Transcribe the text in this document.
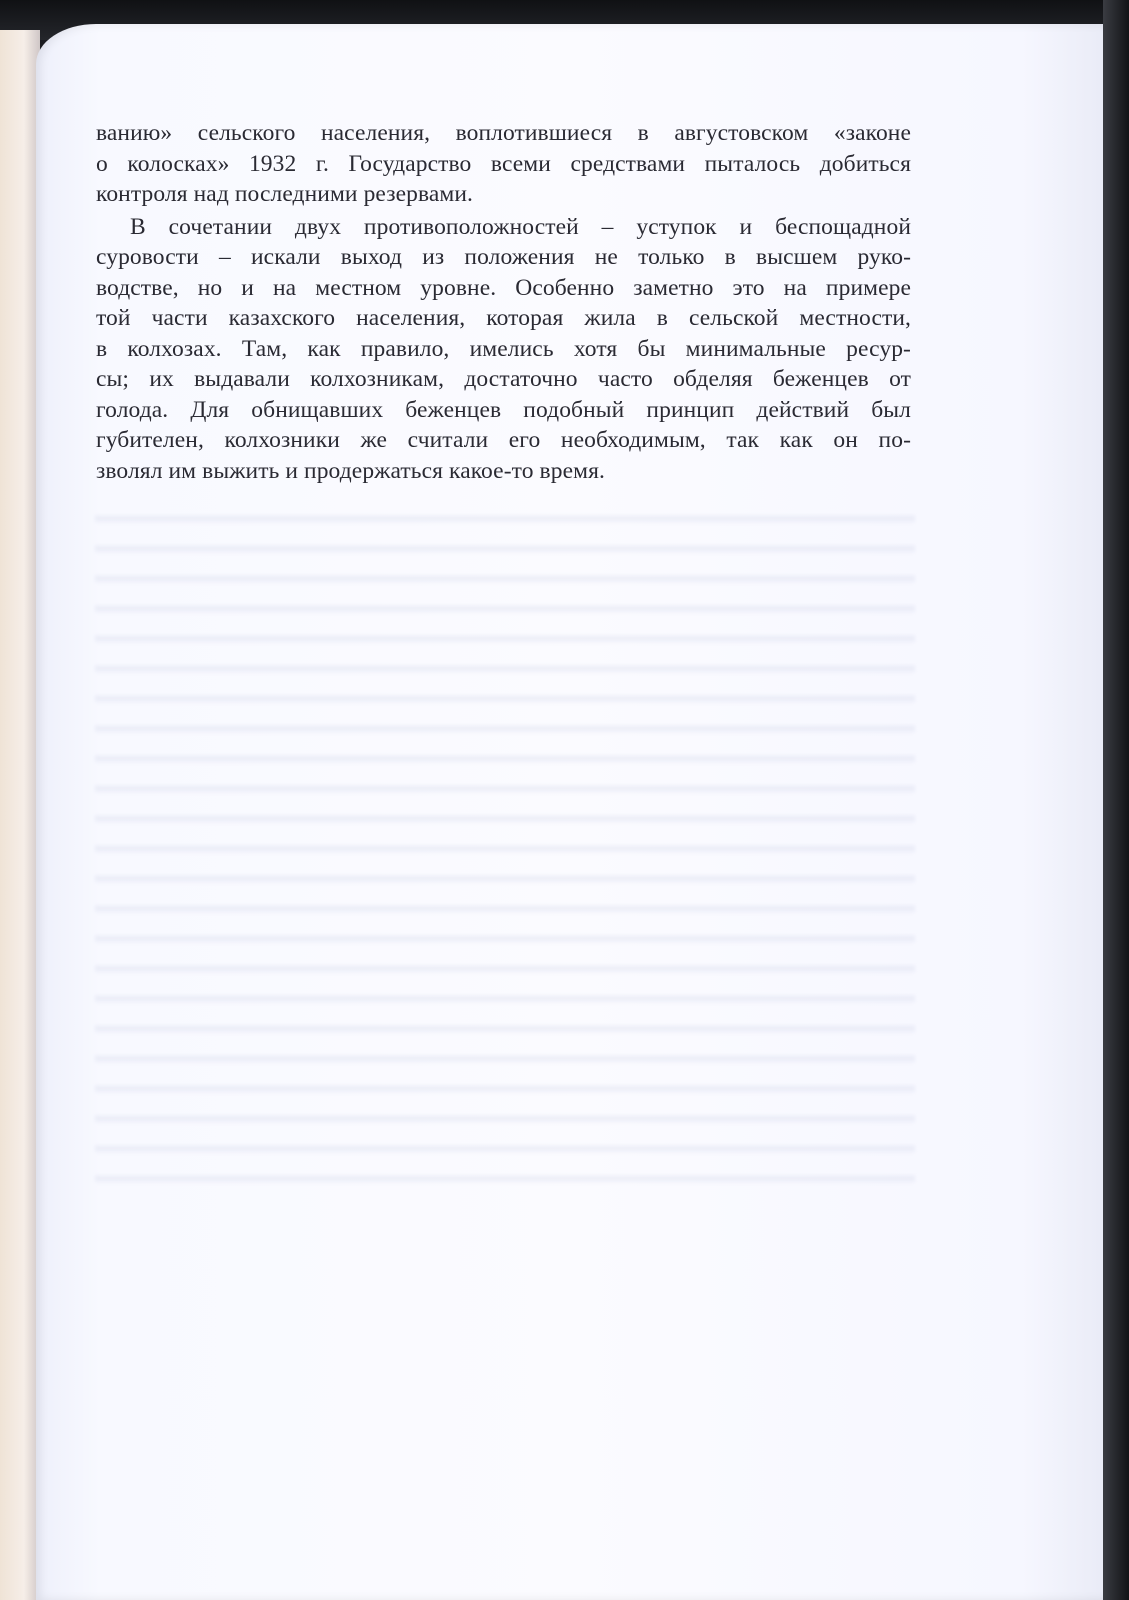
ванию» сельского населения, воплотившиеся в августовском «законе
о колосках» 1932 г. Государство всеми средствами пыталось добиться
контроля над последними резервами.
В сочетании двух противоположностей – уступок и беспощадной
суровости – искали выход из положения не только в высшем руко-
водстве, но и на местном уровне. Особенно заметно это на примере
той части казахского населения, которая жила в сельской местности,
в колхозах. Там, как правило, имелись хотя бы минимальные ресур-
сы; их выдавали колхозникам, достаточно часто обделяя беженцев от
голода. Для обнищавших беженцев подобный принцип действий был
губителен, колхозники же считали его необходимым, так как он по-
зволял им выжить и продержаться какое-то время.
